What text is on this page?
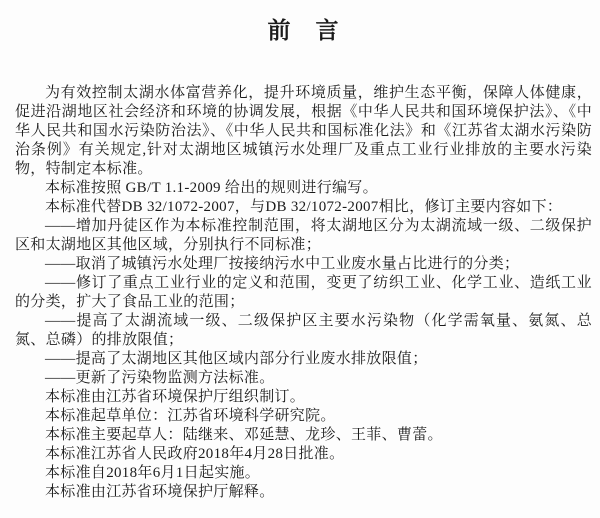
前　言

为有效控制太湖水体富营养化，提升环境质量，维护生态平衡，保障人体健康，促进沿湖地区社会经济和环境的协调发展，根据《中华人民共和国环境保护法》、《中华人民共和国水污染防治法》、《中华人民共和国标准化法》和《江苏省太湖水污染防治条例》有关规定,针对太湖地区城镇污水处理厂及重点工业行业排放的主要水污染物，特制定本标准。

本标准按照 GB/T 1.1-2009 给出的规则进行编写。

本标准代替DB 32/1072-2007，与DB 32/1072-2007相比，修订主要内容如下：

——增加丹徒区作为本标准控制范围，将太湖地区分为太湖流域一级、二级保护区和太湖地区其他区域，分别执行不同标准；

——取消了城镇污水处理厂按接纳污水中工业废水量占比进行的分类；

——修订了重点工业行业的定义和范围，变更了纺织工业、化学工业、造纸工业的分类，扩大了食品工业的范围；

——提高了太湖流域一级、二级保护区主要水污染物（化学需氧量、氨氮、总氮、总磷）的排放限值；

——提高了太湖地区其他区域内部分行业废水排放限值；

——更新了污染物监测方法标准。

本标准由江苏省环境保护厅组织制订。

本标准起草单位：江苏省环境科学研究院。

本标准主要起草人：陆继来、邓延慧、龙珍、王菲、曹蕾。

本标准江苏省人民政府2018年4月28日批准。

本标准自2018年6月1日起实施。

本标准由江苏省环境保护厅解释。
